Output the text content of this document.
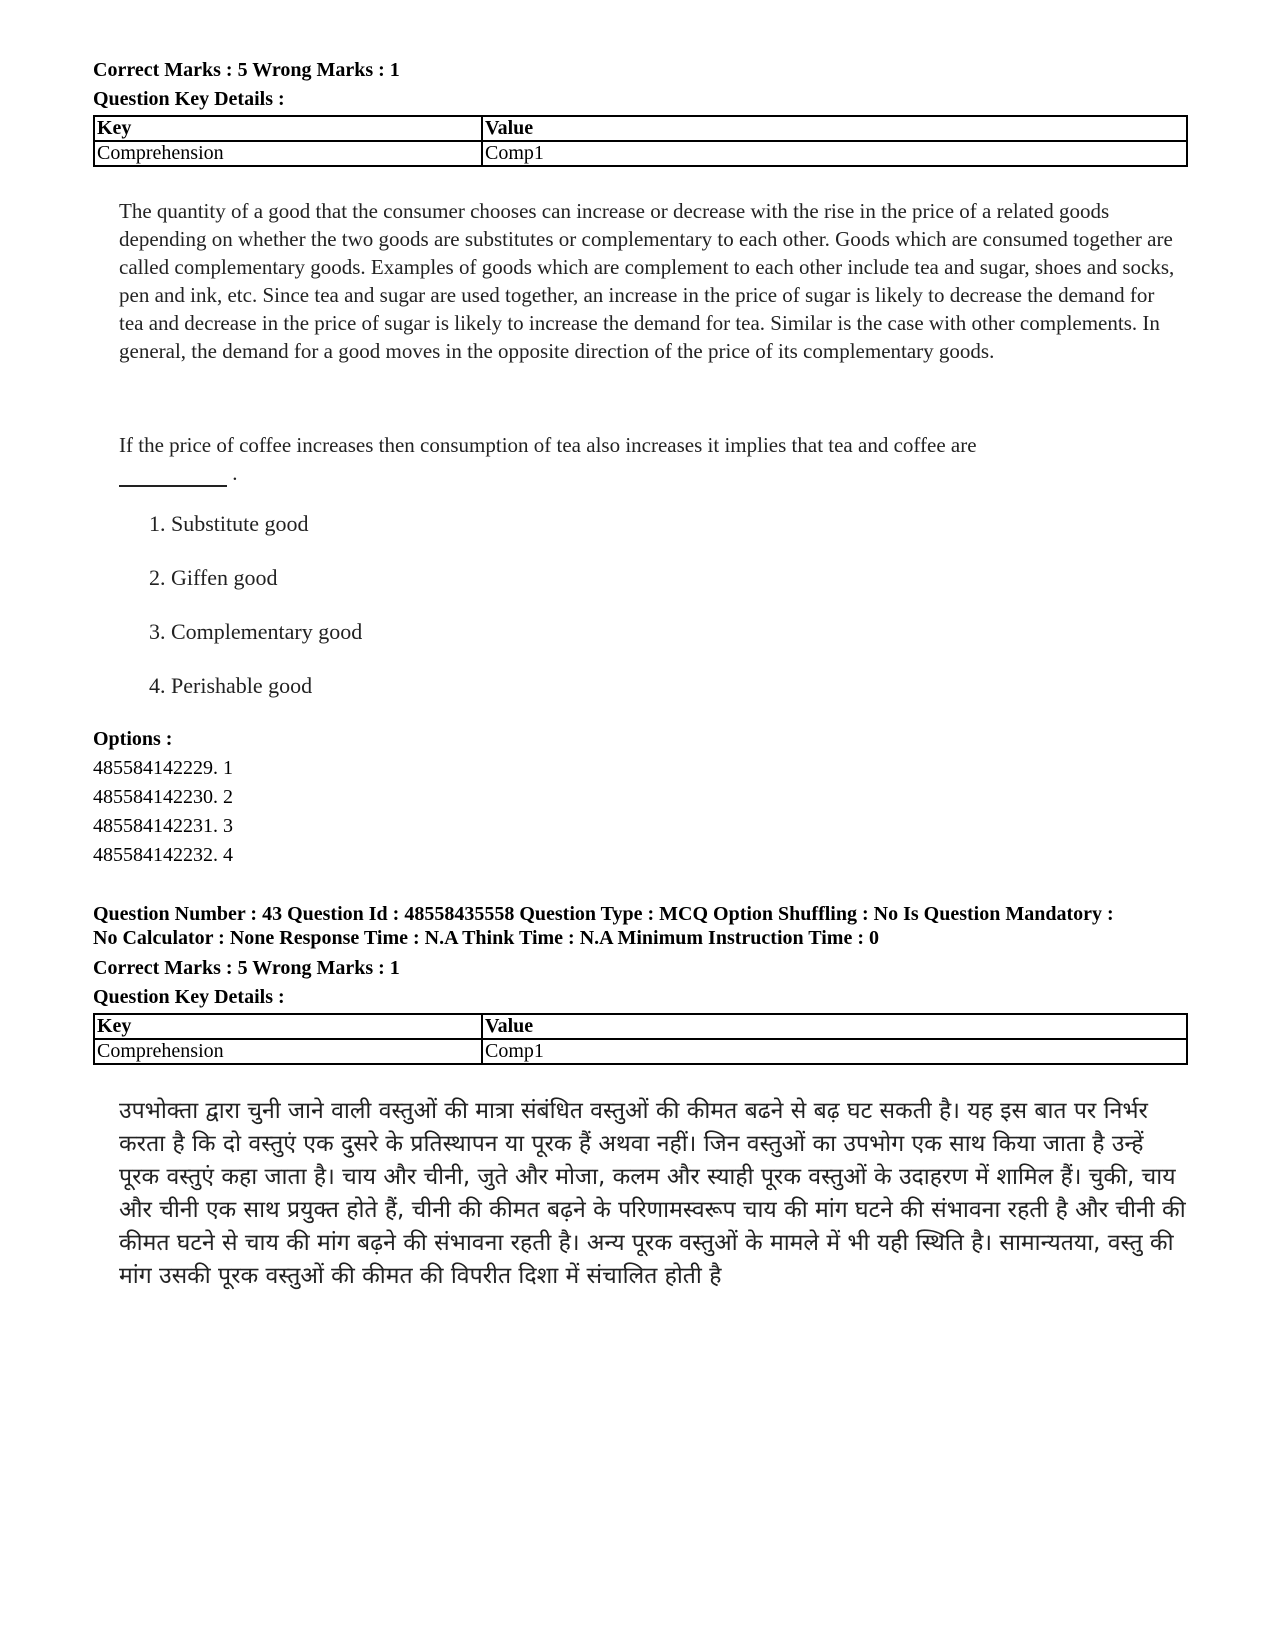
Correct Marks : 5 Wrong Marks : 1

Question Key Details :

Key	Value
Comprehension	Comp1
The quantity of a good that the consumer chooses can increase or decrease with the rise in the price of a related goods depending on whether the two goods are substitutes or complementary to each other. Goods which are consumed together are called complementary goods. Examples of goods which are complement to each other include tea and sugar, shoes and socks, pen and ink, etc. Since tea and sugar are used together, an increase in the price of sugar is likely to decrease the demand for tea and decrease in the price of sugar is likely to increase the demand for tea. Similar is the case with other complements. In general, the demand for a good moves in the opposite direction of the price of its complementary goods.
If the price of coffee increases then consumption of tea also increases it implies that tea and coffee are
.
1. Substitute good
2. Giffen good
3. Complementary good
4. Perishable good

Options :

485584142229. 1

485584142230. 2

485584142231. 3

485584142232. 4

Question Number : 43 Question Id : 48558435558 Question Type : MCQ Option Shuffling : No Is Question Mandatory :
No Calculator : None Response Time : N.A Think Time : N.A Minimum Instruction Time : 0

Correct Marks : 5 Wrong Marks : 1

Question Key Details :

Key	Value
Comprehension	Comp1
उपभोक्ता द्वारा चुनी जाने वाली वस्तुओं की मात्रा संबंधित वस्तुओं की कीमत बढने से बढ़ घट सकती है। यह इस बात पर निर्भर करता है कि दो वस्तुएं एक दुसरे के प्रतिस्थापन या पूरक हैं अथवा नहीं। जिन वस्तुओं का उपभोग एक साथ किया जाता है उन्हें पूरक वस्तुएं कहा जाता है। चाय और चीनी, जुते और मोजा, कलम और स्याही पूरक वस्तुओं के उदाहरण में शामिल हैं। चुकी, चाय और चीनी एक साथ प्रयुक्त होते हैं, चीनी की कीमत बढ़ने के परिणामस्वरूप चाय की मांग घटने की संभावना रहती है और चीनी की कीमत घटने से चाय की मांग बढ़ने की संभावना रहती है। अन्य पूरक वस्तुओं के मामले में भी यही स्थिति है। सामान्यतया, वस्तु की मांग उसकी पूरक वस्तुओं की कीमत की विपरीत दिशा में संचालित होती है
